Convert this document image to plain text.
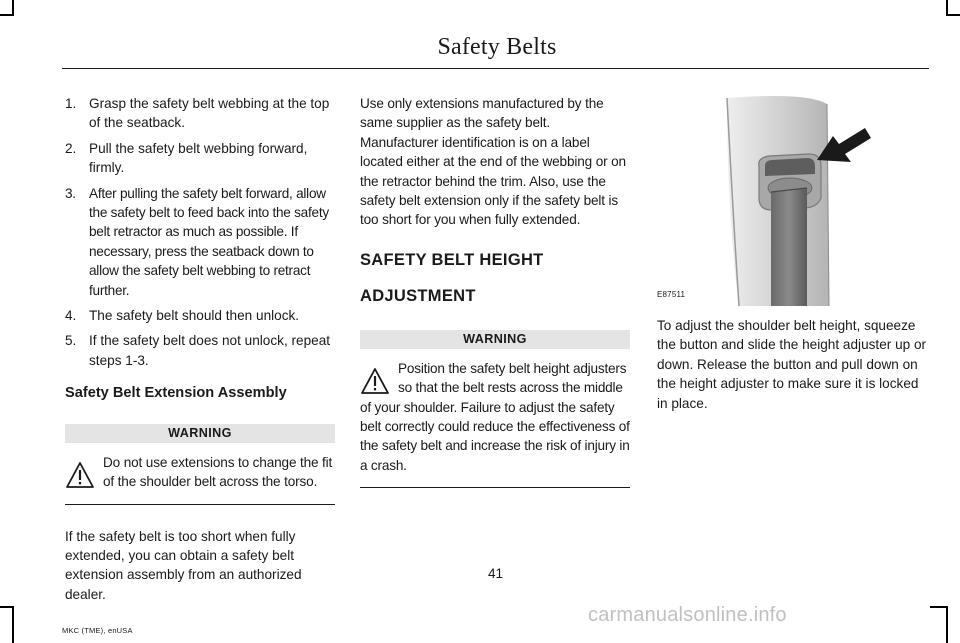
Safety Belts
1. Grasp the safety belt webbing at the top of the seatback.
2. Pull the safety belt webbing forward, firmly.
3. After pulling the safety belt forward, allow the safety belt to feed back into the safety belt retractor as much as possible. If necessary, press the seatback down to allow the safety belt webbing to retract further.
4. The safety belt should then unlock.
5. If the safety belt does not unlock, repeat steps 1-3.
Safety Belt Extension Assembly
WARNING
Do not use extensions to change the fit of the shoulder belt across the torso.

If the safety belt is too short when fully extended, you can obtain a safety belt extension assembly from an authorized dealer.

Use only extensions manufactured by the same supplier as the safety belt. Manufacturer identification is on a label located either at the end of the webbing or on the retractor behind the trim. Also, use the safety belt extension only if the safety belt is too short for you when fully extended.

SAFETY BELT HEIGHT
ADJUSTMENT
WARNING
Position the safety belt height adjusters so that the belt rests across the middle of your shoulder. Failure to adjust the safety belt correctly could reduce the effectiveness of the safety belt and increase the risk of injury in a crash.
E87511

To adjust the shoulder belt height, squeeze the button and slide the height adjuster up or down. Release the button and pull down on the height adjuster to make sure it is locked in place.

41
MKC (TME), enUSA
carmanualsonline.info
